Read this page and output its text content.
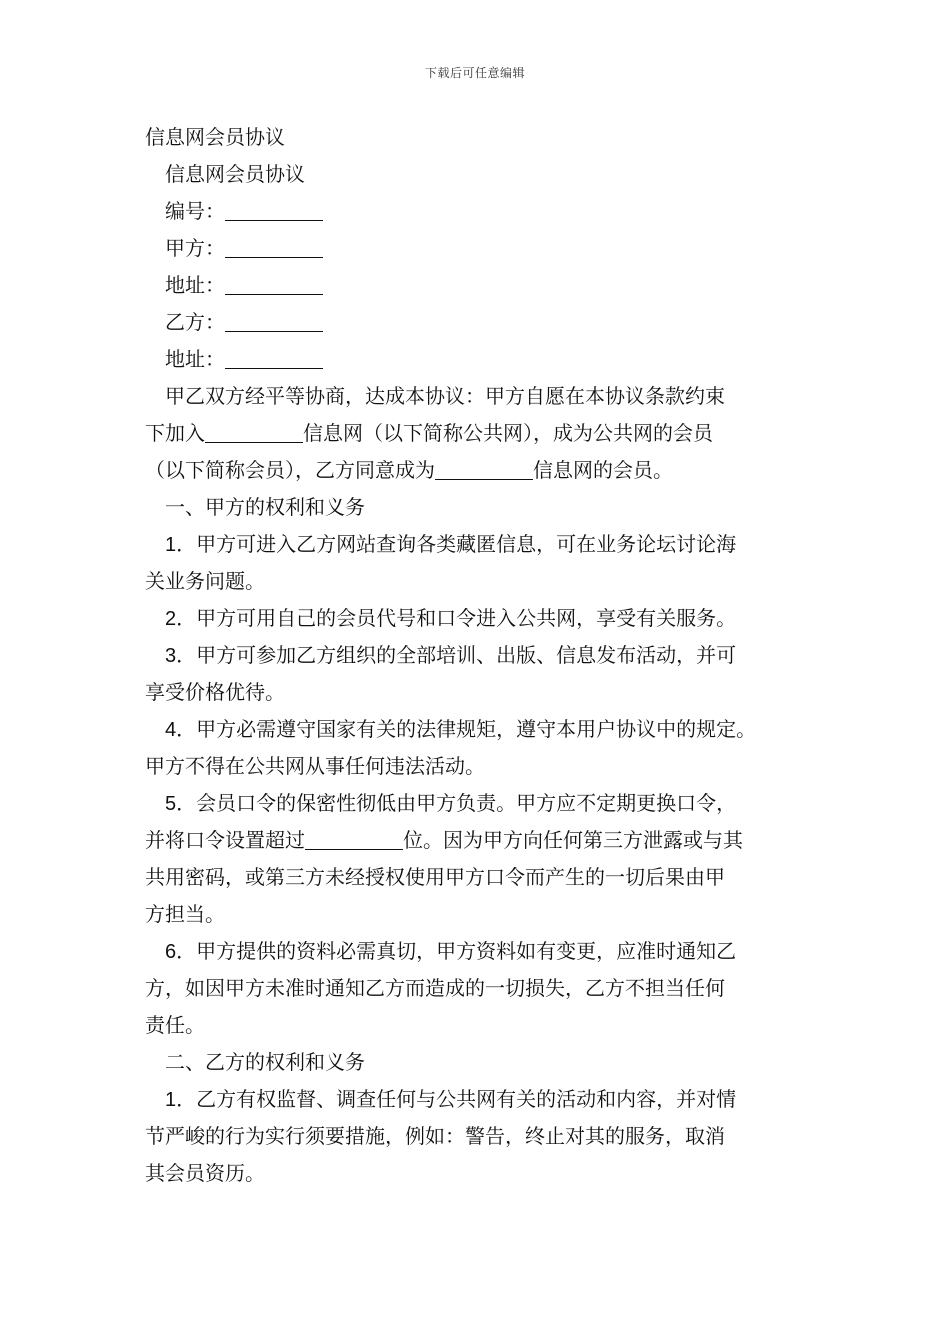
下载后可任意编辑
信息网会员协议
信息网会员协议
编号：
甲方：
地址：
乙方：
地址：
甲乙双方经平等协商，达成本协议：甲方自愿在本协议条款约束
下加入	信息网（以下简称公共网），成为公共网的会员
（以下简称会员），乙方同意成为	信息网的会员。
一、甲方的权利和义务
1．甲方可进入乙方网站查询各类藏匿信息，可在业务论坛讨论海
关业务问题。
2．甲方可用自己的会员代号和口令进入公共网，享受有关服务。
3．甲方可参加乙方组织的全部培训、出版、信息发布活动，并可
享受价格优待。
4．甲方必需遵守国家有关的法律规矩，遵守本用户协议中的规定。
甲方不得在公共网从事任何违法活动。
5．会员口令的保密性彻低由甲方负责。甲方应不定期更换口令，
并将口令设置超过	位。因为甲方向任何第三方泄露或与其
共用密码，或第三方未经授权使用甲方口令而产生的一切后果由甲
方担当。
6．甲方提供的资料必需真切，甲方资料如有变更，应准时通知乙
方，如因甲方未准时通知乙方而造成的一切损失，乙方不担当任何
责任。
二、乙方的权利和义务
1．乙方有权监督、调查任何与公共网有关的活动和内容，并对情
节严峻的行为实行须要措施，例如：警告，终止对其的服务，取消
其会员资历。
